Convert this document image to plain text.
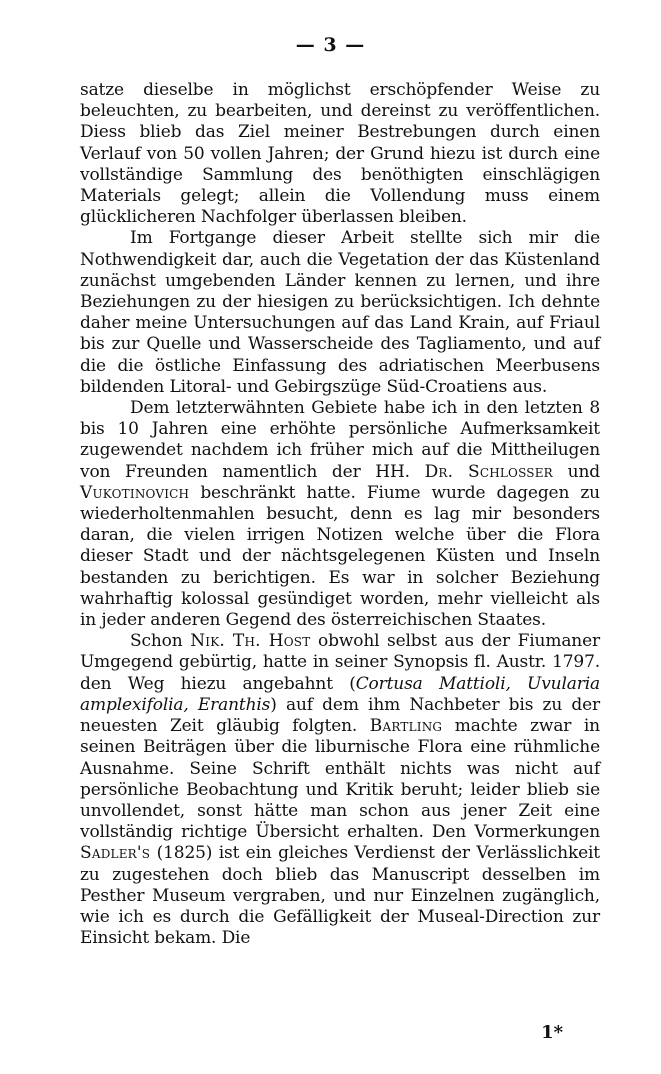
— 3 —

satze dieselbe in möglichst erschöpfender Weise zu beleuchten, zu bearbeiten, und dereinst zu veröffentlichen. Diess blieb das Ziel meiner Bestrebungen durch einen Verlauf von 50 vollen Jahren; der Grund hiezu ist durch eine vollständige Sammlung des benöthigten einschlägigen Materials gelegt; allein die Vollendung muss einem glücklicheren Nachfolger überlassen bleiben.

Im Fortgange dieser Arbeit stellte sich mir die Nothwendigkeit dar, auch die Vegetation der das Küstenland zunächst umgebenden Länder kennen zu lernen, und ihre Beziehungen zu der hiesigen zu berücksichtigen. Ich dehnte daher meine Untersuchungen auf das Land Krain, auf Friaul bis zur Quelle und Wasserscheide des Tagliamento, und auf die die östliche Einfassung des adriatischen Meerbusens bildenden Litoral- und Gebirgszüge Süd-Croatiens aus.

Dem letzterwähnten Gebiete habe ich in den letzten 8 bis 10 Jahren eine erhöhte persönliche Aufmerksamkeit zugewendet nachdem ich früher mich auf die Mittheilugen von Freunden namentlich der HH. Dr. Schlosser und Vukotinovich beschränkt hatte. Fiume wurde dagegen zu wiederholtenmahlen besucht, denn es lag mir besonders daran, die vielen irrigen Notizen welche über die Flora dieser Stadt und der nächtsgelegenen Küsten und Inseln bestanden zu berichtigen. Es war in solcher Beziehung wahrhaftig kolossal gesündiget worden, mehr vielleicht als in jeder anderen Gegend des österreichischen Staates.

Schon Nik. Th. Host obwohl selbst aus der Fiumaner Umgegend gebürtig, hatte in seiner Synopsis fl. Austr. 1797. den Weg hiezu angebahnt (Cortusa Mattioli, Uvularia amplexifolia, Eranthis) auf dem ihm Nachbeter bis zu der neuesten Zeit gläubig folgten. Bartling machte zwar in seinen Beiträgen über die liburnische Flora eine rühmliche Ausnahme. Seine Schrift enthält nichts was nicht auf persönliche Beobachtung und Kritik beruht; leider blieb sie unvollendet, sonst hätte man schon aus jener Zeit eine vollständig richtige Übersicht erhalten. Den Vormerkungen Sadler's (1825) ist ein gleiches Verdienst der Verlässlichkeit zu zugestehen doch blieb das Manuscript desselben im Pesther Museum vergraben, und nur Einzelnen zugänglich, wie ich es durch die Gefälligkeit der Museal-Direction zur Einsicht bekam. Die

1*
